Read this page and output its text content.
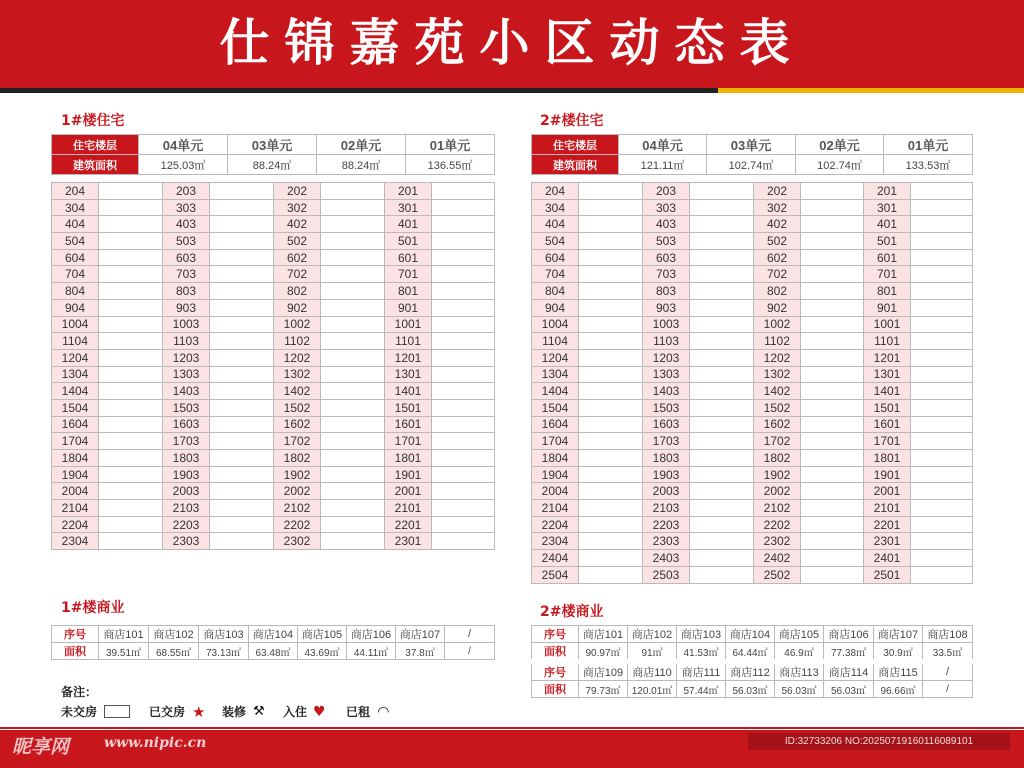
仕锦嘉苑小区动态表
1#楼住宅
住宅楼层	04单元	03单元	02单元	01单元
建筑面积	125.03㎡	88.24㎡	88.24㎡	136.55㎡
204		203		202		201	
304		303		302		301	
404		403		402		401	
504		503		502		501	
604		603		602		601	
704		703		702		701	
804		803		802		801	
904		903		902		901	
1004		1003		1002		1001	
1104		1103		1102		1101	
1204		1203		1202		1201	
1304		1303		1302		1301	
1404		1403		1402		1401	
1504		1503		1502		1501	
1604		1603		1602		1601	
1704		1703		1702		1701	
1804		1803		1802		1801	
1904		1903		1902		1901	
2004		2003		2002		2001	
2104		2103		2102		2101	
2204		2203		2202		2201	
2304		2303		2302		2301	
1#楼商业
序号	商店101	商店102	商店103	商店104	商店105	商店106	商店107	/
面积	39.51㎡	68.55㎡	73.13㎡	63.48㎡	43.69㎡	44.11㎡	37.8㎡	/
2#楼住宅
住宅楼层	04单元	03单元	02单元	01单元
建筑面积	121.11㎡	102.74㎡	102.74㎡	133.53㎡
204		203		202		201	
304		303		302		301	
404		403		402		401	
504		503		502		501	
604		603		602		601	
704		703		702		701	
804		803		802		801	
904		903		902		901	
1004		1003		1002		1001	
1104		1103		1102		1101	
1204		1203		1202		1201	
1304		1303		1302		1301	
1404		1403		1402		1401	
1504		1503		1502		1501	
1604		1603		1602		1601	
1704		1703		1702		1701	
1804		1803		1802		1801	
1904		1903		1902		1901	
2004		2003		2002		2001	
2104		2103		2102		2101	
2204		2203		2202		2201	
2304		2303		2302		2301	
2404		2403		2402		2401	
2504		2503		2502		2501	
2#楼商业
序号	商店101	商店102	商店103	商店104	商店105	商店106	商店107	商店108
面积	90.97㎡	91㎡	41.53㎡	64.44㎡	46.9㎡	77.38㎡	30.9㎡	33.5㎡
序号	商店109	商店110	商店111	商店112	商店113	商店114	商店115	/
面积	79.73㎡	120.01㎡	57.44㎡	56.03㎡	56.03㎡	56.03㎡	96.66㎡	/
备注：
未交房	已交房 ★ 装修 ⚒ 入住 ♥ 已租 ◠
昵享网 www.nipic.cn	ID:32733206 NO:20250719160116089101
